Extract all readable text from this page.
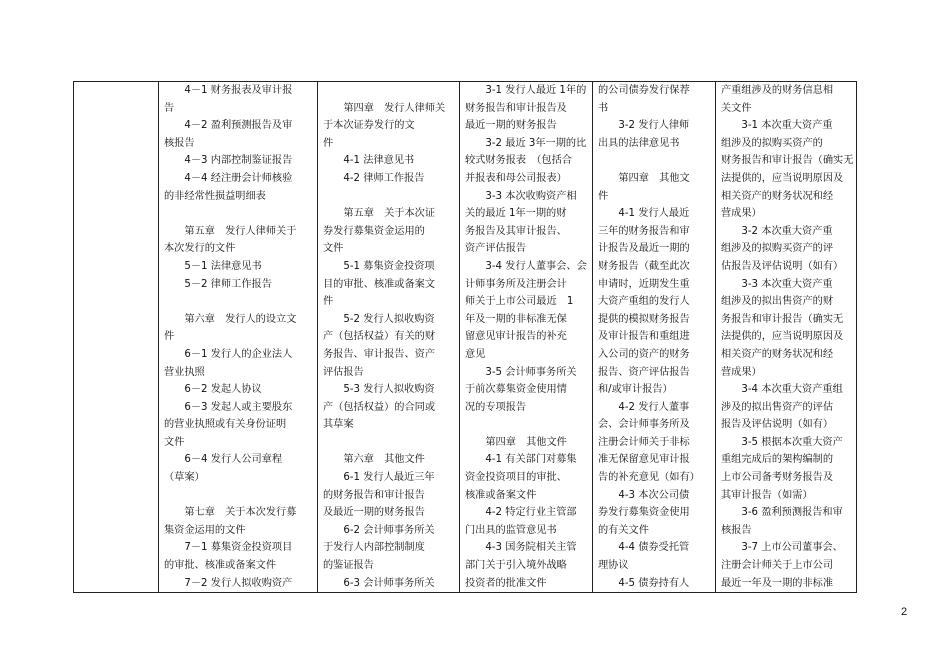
　　4－1 财务报表及审计报
告
　　4－2 盈利预测报告及审
核报告
　　4－3 内部控制鉴证报告
　　4－4 经注册会计师核验
的非经常性损益明细表
　　第五章　发行人律师关于
本次发行的文件
　　5－1 法律意见书
　　5－2 律师工作报告
　　第六章　发行人的设立文
件
　　6－1 发行人的企业法人
营业执照
　　6－2 发起人协议
　　6－3 发起人或主要股东
的营业执照或有关身份证明
文件
　　6－4 发行人公司章程
（草案）
　　第七章　关于本次发行募
集资金运用的文件
　　7－1 募集资金投资项目
的审批、核准或备案文件
　　7－2 发行人拟收购资产

　　第四章　发行人律师关
于本次证券发行的文
件
　　4-1 法律意见书
　　4-2 律师工作报告
　　第五章　关于本次证
券发行募集资金运用的
文件
　　5-1 募集资金投资项
目的审批、核准或备案文
件
　　5-2 发行人拟收购资
产（包括权益）有关的财
务报告、审计报告、资产
评估报告
　　5-3 发行人拟收购资
产（包括权益）的合同或
其草案
　　第六章　其他文件
　　6-1 发行人最近三年
的财务报告和审计报告
及最近一期的财务报告
　　6-2 会计师事务所关
于发行人内部控制制度
的鉴证报告
　　6-3 会计师事务所关

　　3-1 发行人最近 1年的
财务报告和审计报告及
最近一期的财务报告
　　3-2 最近 3年一期的比
较式财务报表　（包括合
并报表和母公司报表）
　　3-3 本次收购资产相
关的最近 1年一期的财
务报告及其审计报告、
资产评估报告
　　3-4 发行人董事会、会
计师事务所及注册会计
师关于上市公司最近　1
年及一期的非标准无保
留意见审计报告的补充
意见
　　3-5 会计师事务所关
于前次募集资金使用情
况的专项报告
　　第四章　其他文件
　　4-1 有关部门对募集
资金投资项目的审批、
核准或备案文件
　　4-2 特定行业主管部
门出具的监管意见书
　　4-3 国务院相关主管
部门关于引入境外战略
投资者的批准文件

的公司债券发行保荐
书
　　3-2 发行人律师
出具的法律意见书
　　第四章　其他文
件
　　4-1 发行人最近
三年的财务报告和审
计报告及最近一期的
财务报告（截至此次
申请时，近期发生重
大资产重组的发行人
提供的模拟财务报告
及审计报告和重组进
入公司的资产的财务
报告、资产评估报告
和/或审计报告）
　　4-2 发行人董事
会、会计师事务所及
注册会计师关于非标
准无保留意见审计报
告的补充意见（如有）
　　4-3 本次公司债
券发行募集资金使用
的有关文件
　　4-4 债券受托管
理协议
　　4-5 债券持有人

产重组涉及的财务信息相
关文件
　　3-1 本次重大资产重
组涉及的拟购买资产的
财务报告和审计报告（确实无
法提供的，应当说明原因及
相关资产的财务状况和经
营成果）
　　3-2 本次重大资产重
组涉及的拟购买资产的评
估报告及评估说明（如有）
　　3-3 本次重大资产重
组涉及的拟出售资产的财
务报告和审计报告（确实无
法提供的，应当说明原因及
相关资产的财务状况和经
营成果）
　　3-4 本次重大资产重组
涉及的拟出售资产的评估
报告及评估说明（如有）
　　3-5 根据本次重大资产
重组完成后的架构编制的
上市公司备考财务报告及
其审计报告（如需）
　　3-6 盈利预测报告和审
核报告
　　3-7 上市公司董事会、
注册会计师关于上市公司
最近一年及一期的非标准
2
